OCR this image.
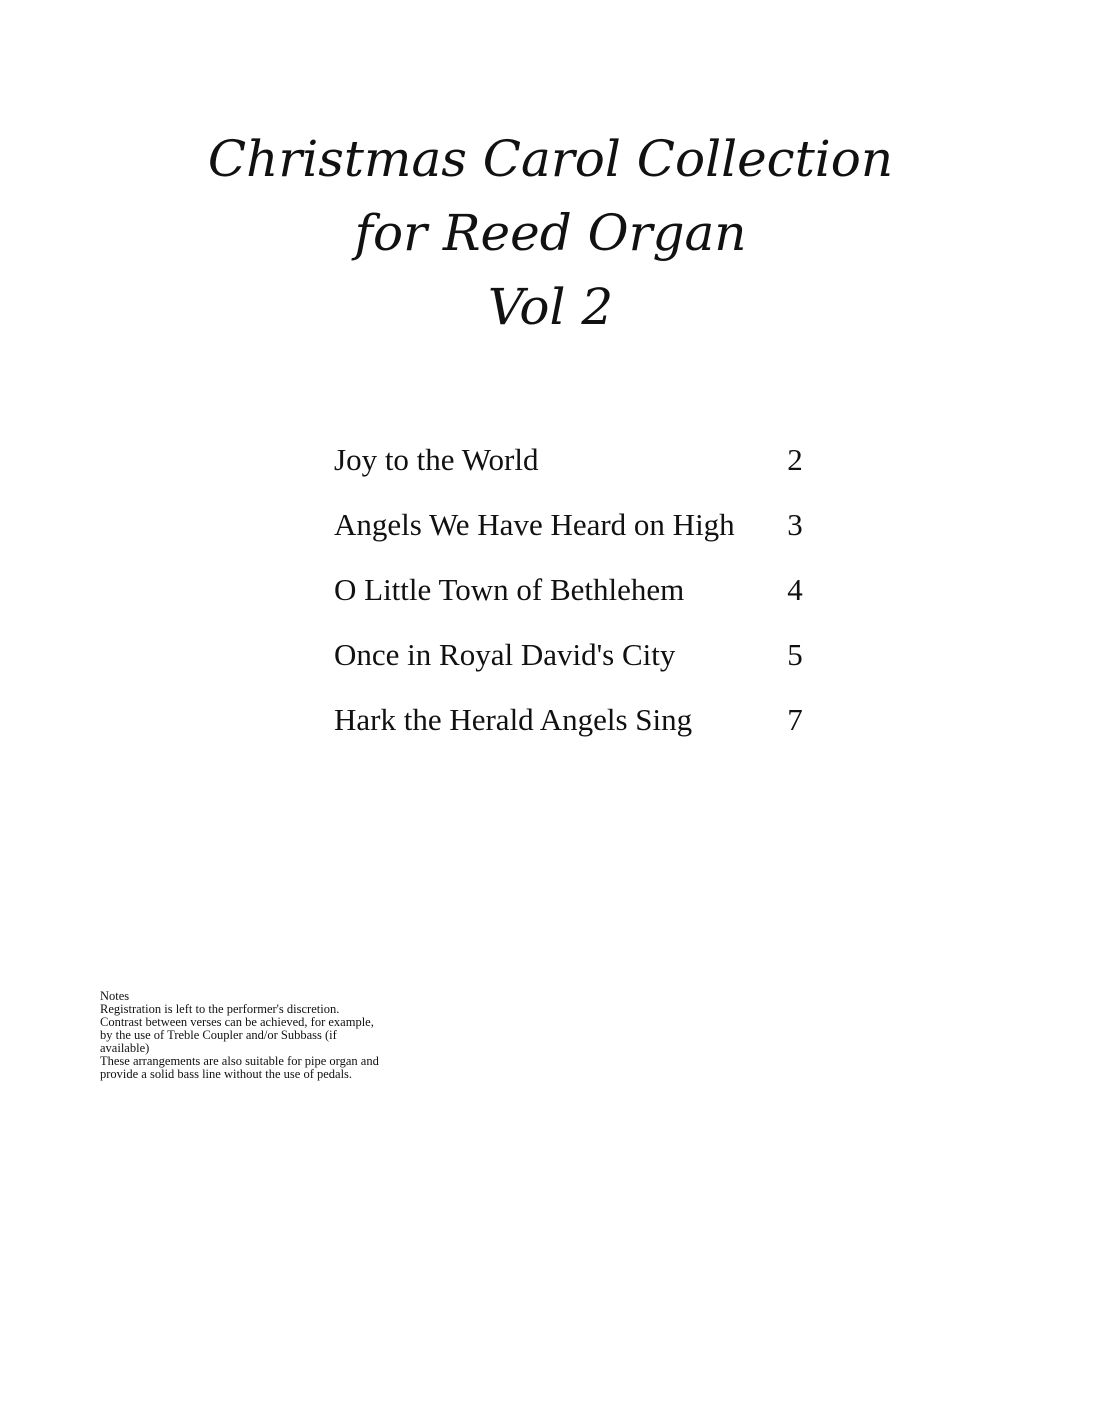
Christmas Carol Collection
for Reed Organ
Vol 2
Joy to the World	2
Angels We Have Heard on High 3
O Little Town of Bethlehem	4
Once in Royal David's City	5
Hark the Herald Angels Sing	7
Notes
Registration is left to the performer's discretion.
Contrast between verses can be achieved, for example,
by the use of Treble Coupler and/or Subbass (if
available)
These arrangements are also suitable for pipe organ and
provide a solid bass line without the use of pedals.
